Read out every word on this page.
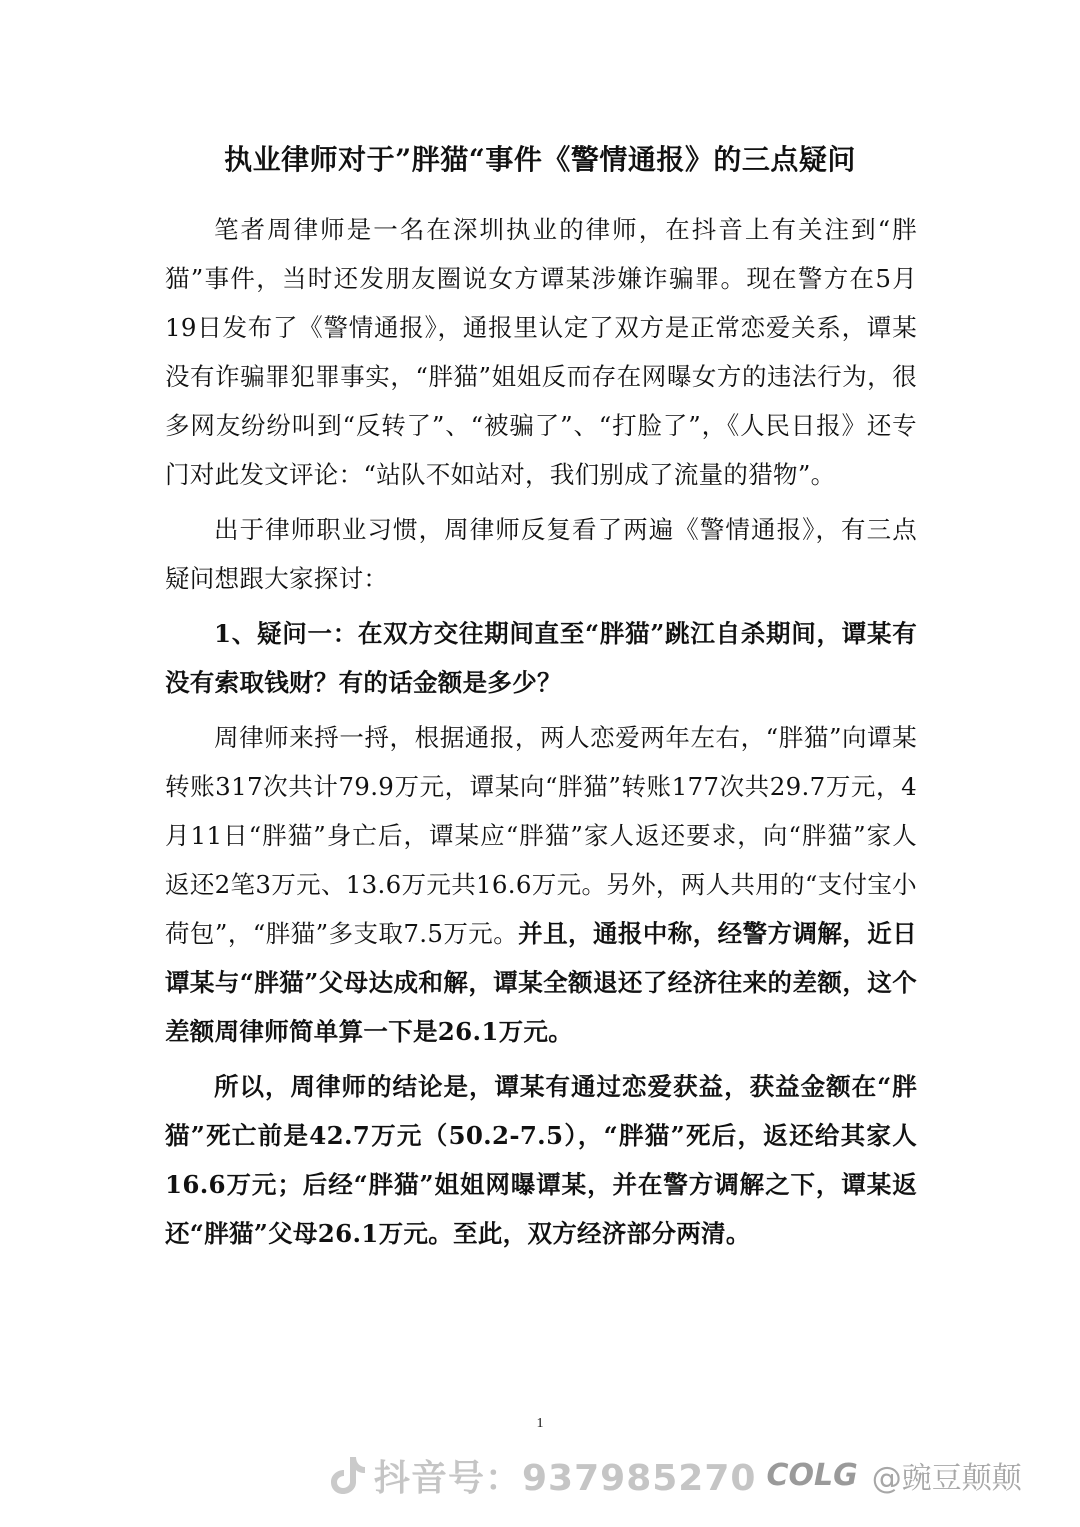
执业律师对于”胖猫“事件《警情通报》的三点疑问

笔者周律师是一名在深圳执业的律师，在抖音上有关注到“胖猫”事件，当时还发朋友圈说女方谭某涉嫌诈骗罪。现在警方在5月19日发布了《警情通报》，通报里认定了双方是正常恋爱关系，谭某没有诈骗罪犯罪事实，“胖猫”姐姐反而存在网曝女方的违法行为，很多网友纷纷叫到“反转了”、“被骗了”、“打脸了”，《人民日报》还专门对此发文评论：“站队不如站对，我们别成了流量的猎物”。

出于律师职业习惯，周律师反复看了两遍《警情通报》，有三点疑问想跟大家探讨：

1、疑问一：在双方交往期间直至“胖猫”跳江自杀期间，谭某有没有索取钱财？有的话金额是多少？

周律师来捋一捋，根据通报，两人恋爱两年左右，“胖猫”向谭某转账317次共计79.9万元，谭某向“胖猫”转账177次共29.7万元，4月11日“胖猫”身亡后，谭某应“胖猫”家人返还要求，向“胖猫”家人返还2笔3万元、13.6万元共16.6万元。另外，两人共用的“支付宝小荷包”，“胖猫”多支取7.5万元。并且，通报中称，经警方调解，近日谭某与“胖猫”父母达成和解，谭某全额退还了经济往来的差额，这个差额周律师简单算一下是26.1万元。

所以，周律师的结论是，谭某有通过恋爱获益，获益金额在“胖猫”死亡前是42.7万元（50.2-7.5），“胖猫”死后，返还给其家人16.6万元；后经“胖猫”姐姐网曝谭某，并在警方调解之下，谭某返还“胖猫”父母26.1万元。至此，双方经济部分两清。

1
抖音号：937985270 COLG @豌豆颠颠
